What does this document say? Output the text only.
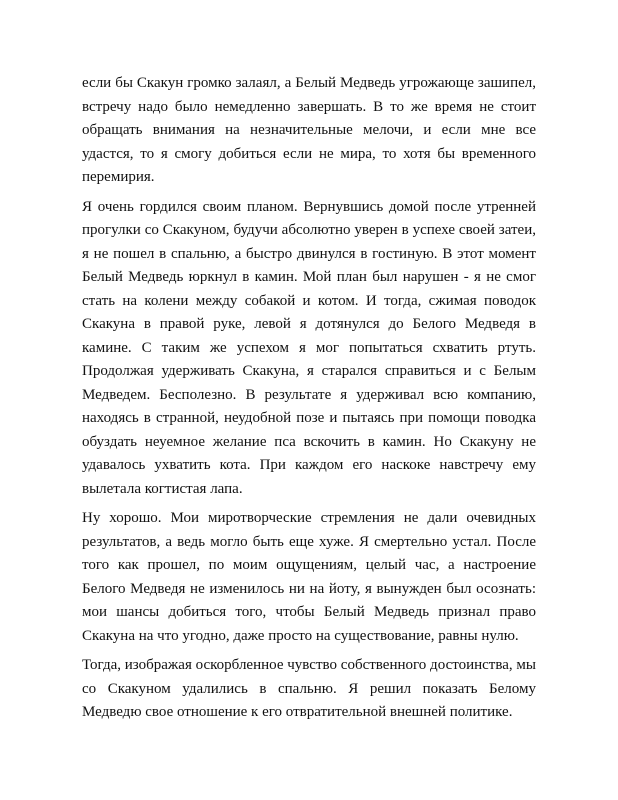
если бы Скакун громко залаял, а Белый Медведь угрожающе зашипел, встречу надо было немедленно завершать. В то же время не стоит обращать внимания на незначительные мелочи, и если мне все удастся, то я смогу добиться если не мира, то хотя бы временного перемирия.

Я очень гордился своим планом. Вернувшись домой после утренней прогулки со Скакуном, будучи абсолютно уверен в успехе своей затеи, я не пошел в спальню, а быстро двинулся в гостиную. В этот момент Белый Медведь юркнул в камин. Мой план был нарушен - я не смог стать на колени между собакой и котом. И тогда, сжимая поводок Скакуна в правой руке, левой я дотянулся до Белого Медведя в камине. С таким же успехом я мог попытаться схватить ртуть. Продолжая удерживать Скакуна, я старался справиться и с Белым Медведем. Бесполезно. В результате я удерживал всю компанию, находясь в странной, неудобной позе и пытаясь при помощи поводка обуздать неуемное желание пса вскочить в камин. Но Скакуну не удавалось ухватить кота. При каждом его наскоке навстречу ему вылетала когтистая лапа.

Ну хорошо. Мои миротворческие стремления не дали очевидных результатов, а ведь могло быть еще хуже. Я смертельно устал. После того как прошел, по моим ощущениям, целый час, а настроение Белого Медведя не изменилось ни на йоту, я вынужден был осознать: мои шансы добиться того, чтобы Белый Медведь признал право Скакуна на что угодно, даже просто на существование, равны нулю.

Тогда, изображая оскорбленное чувство собственного достоинства, мы со Скакуном удалились в спальню. Я решил показать Белому Медведю свое отношение к его отвратительной внешней политике.
